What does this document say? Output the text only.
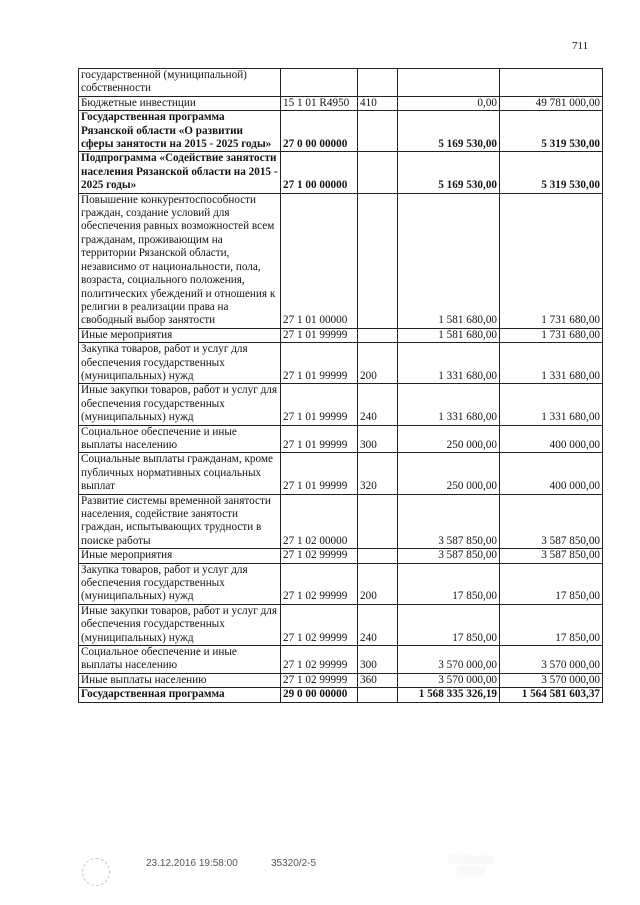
711
государственной (муниципальной) собственности				
Бюджетные инвестиции	15 1 01 R4950	410	0,00	49 781 000,00
Государственная программа Рязанской области «О развитии сферы занятости на 2015 - 2025 годы»	27 0 00 00000		5 169 530,00	5 319 530,00
Подпрограмма «Содействие занятости населения Рязанской области на 2015 - 2025 годы»	27 1 00 00000		5 169 530,00	5 319 530,00
Повышение конкурентоспособности граждан, создание условий для обеспечения равных возможностей всем гражданам, проживающим на территории Рязанской области, независимо от национальности, пола, возраста, социального положения, политических убеждений и отношения к религии в реализации права на свободный выбор занятости	27 1 01 00000		1 581 680,00	1 731 680,00
Иные мероприятия	27 1 01 99999		1 581 680,00	1 731 680,00
Закупка товаров, работ и услуг для обеспечения государственных (муниципальных) нужд	27 1 01 99999	200	1 331 680,00	1 331 680,00
Иные закупки товаров, работ и услуг для обеспечения государственных (муниципальных) нужд	27 1 01 99999	240	1 331 680,00	1 331 680,00
Социальное обеспечение и иные выплаты населению	27 1 01 99999	300	250 000,00	400 000,00
Социальные выплаты гражданам, кроме публичных нормативных социальных выплат	27 1 01 99999	320	250 000,00	400 000,00
Развитие системы временной занятости населения, содействие занятости граждан, испытывающих трудности в поиске работы	27 1 02 00000		3 587 850,00	3 587 850,00
Иные мероприятия	27 1 02 99999		3 587 850,00	3 587 850,00
Закупка товаров, работ и услуг для обеспечения государственных (муниципальных) нужд	27 1 02 99999	200	17 850,00	17 850,00
Иные закупки товаров, работ и услуг для обеспечения государственных (муниципальных) нужд	27 1 02 99999	240	17 850,00	17 850,00
Социальное обеспечение и иные выплаты населению	27 1 02 99999	300	3 570 000,00	3 570 000,00
Иные выплаты населению	27 1 02 99999	360	3 570 000,00	3 570 000,00
Государственная программа	29 0 00 00000		1 568 335 326,19	1 564 581 603,37
23.12.2016 19:58:00	35320/2-5	░░░░░░░░
░░░░░
